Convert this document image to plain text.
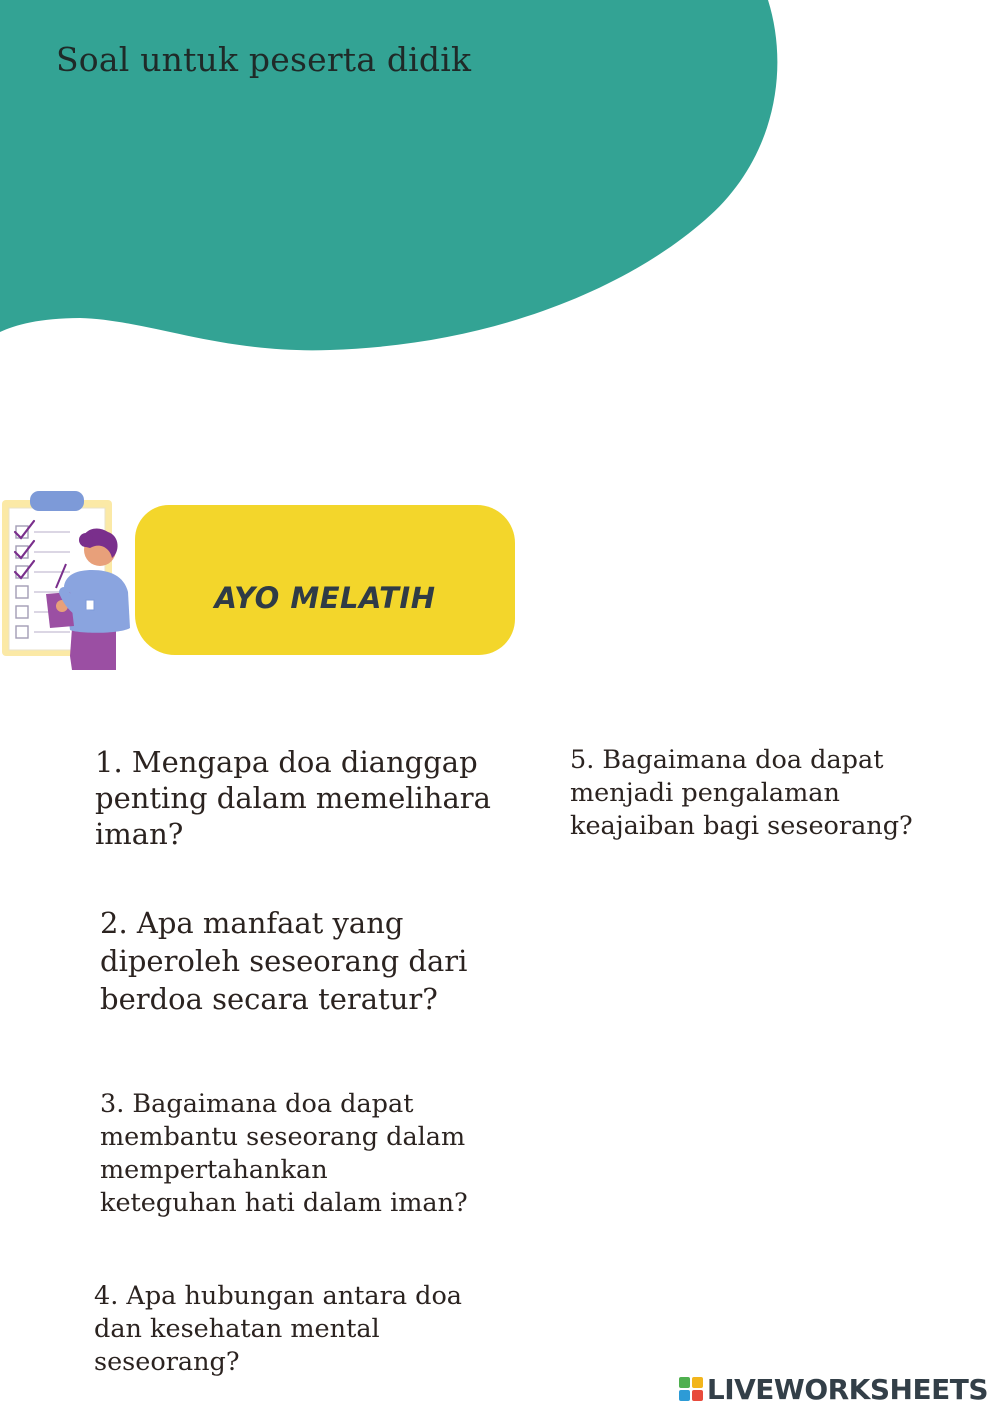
Soal untuk peserta didik
AYO MELATIH
1. Mengapa doa dianggap
penting dalam memelihara
iman?
2. Apa manfaat yang
diperoleh seseorang dari
berdoa secara teratur?
3. Bagaimana doa dapat
membantu seseorang dalam
mempertahankan
keteguhan hati dalam iman?
4. Apa hubungan antara doa
dan kesehatan mental
seseorang?
5. Bagaimana doa dapat
menjadi pengalaman
keajaiban bagi seseorang?
LIVEWORKSHEETS
